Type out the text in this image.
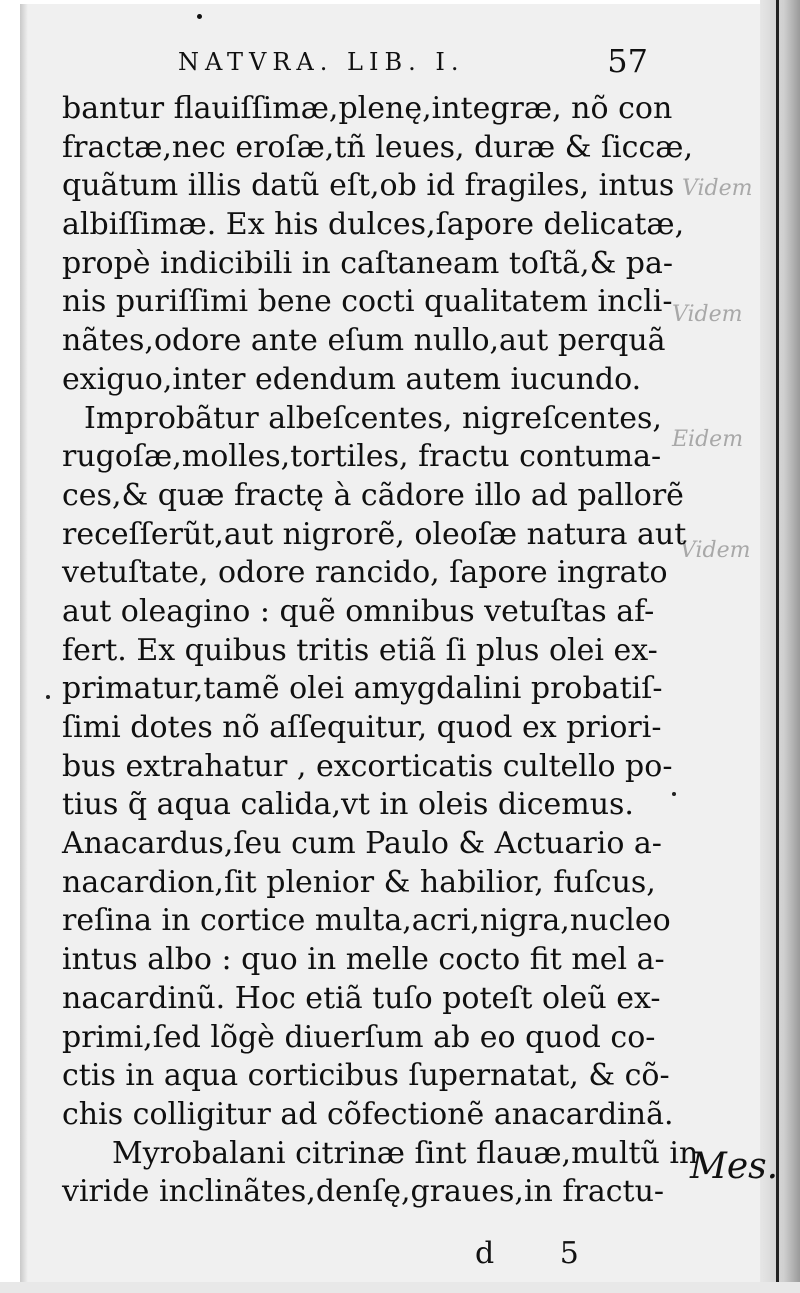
Videm
Videm
Eidem
Videm
NATVRA. LIB. I.	57
bantur flauiſſimæ,plenę,integræ, nõ con
fractæ,nec eroſæ,tñ leues, duræ & ſiccæ,
quãtum illis datũ eſt,ob id fragiles, intus
albiſſimæ. Ex his dulces,ſapore delicatæ,
propè indicibili in caſtaneam toſtã,& pa-
nis puriſſimi bene cocti qualitatem incli-
nãtes,odore ante eſum nullo,aut perquã
exiguo,inter edendum autem iucundo.
Improbãtur albeſcentes, nigreſcentes,
rugoſæ,molles,tortiles, fractu contuma-
ces,& quæ fractę à cãdore illo ad pallorẽ
receſſerũt,aut nigrorẽ, oleoſæ natura aut
vetuſtate, odore rancido, ſapore ingrato
aut oleagino : quẽ omnibus vetuſtas af-
fert. Ex quibus tritis etiã ſi plus olei ex-
primatur,tamẽ olei amygdalini probatiſ-
ſimi dotes nõ aſſequitur, quod ex priori-
bus extrahatur , excorticatis cultello po-
tius q̃ aqua calida,vt in oleis dicemus.
Anacardus,ſeu cum Paulo & Actuario a-
nacardion,ſit plenior & habilior, fuſcus,
reſina in cortice multa,acri,nigra,nucleo
intus albo : quo in melle cocto fit mel a-
nacardinũ. Hoc etiã tuſo poteſt oleũ ex-
primi,ſed lõgè diuerſum ab eo quod co-
ctis in aqua corticibus ſupernatat, & cõ-
chis colligitur ad cõfectionẽ anacardinã.
Myrobalani citrinæ ſint flauæ,multũ in
viride inclinãtes,denſę,graues,in fractu-
Mes.
d 5
